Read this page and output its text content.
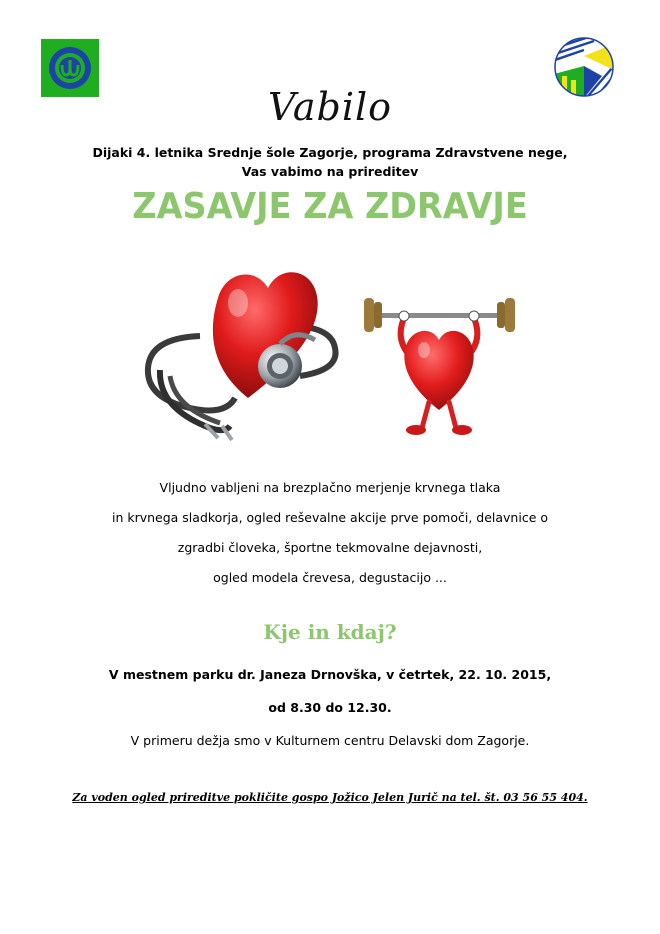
Vabilo
Dijaki 4. letnika Srednje šole Zagorje, programa Zdravstvene nege, Vas vabimo na prireditev
ZASAVJE ZA ZDRAVJE
Vljudno vabljeni na brezplačno merjenje krvnega tlaka
in krvnega sladkorja, ogled reševalne akcije prve pomoči, delavnice o
zgradbi človeka, športne tekmovalne dejavnosti,
ogled modela črevesa, degustacijo ...
Kje in kdaj?
V mestnem parku dr. Janeza Drnovška, v četrtek, 22. 10. 2015,
od 8.30 do 12.30.
V primeru dežja smo v Kulturnem centru Delavski dom Zagorje.
Za voden ogled prireditve pokličite gospo Jožico Jelen Jurič na tel. št. 03 56 55 404.
